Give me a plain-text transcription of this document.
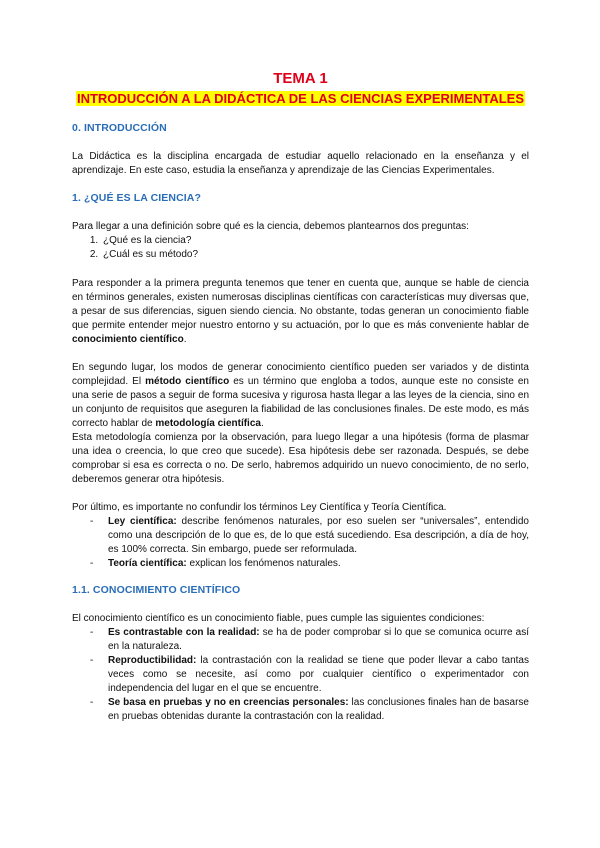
TEMA 1

INTRODUCCIÓN A LA DIDÁCTICA DE LAS CIENCIAS EXPERIMENTALES

0. INTRODUCCIÓN

La Didáctica es la disciplina encargada de estudiar aquello relacionado en la enseñanza y el aprendizaje. En este caso, estudia la enseñanza y aprendizaje de las Ciencias Experimentales.

1. ¿QUÉ ES LA CIENCIA?

Para llegar a una definición sobre qué es la ciencia, debemos plantearnos dos preguntas:

1. ¿Qué es la ciencia?
2. ¿Cuál es su método?

Para responder a la primera pregunta tenemos que tener en cuenta que, aunque se hable de ciencia en términos generales, existen numerosas disciplinas científicas con características muy diversas que, a pesar de sus diferencias, siguen siendo ciencia. No obstante, todas generan un conocimiento fiable que permite entender mejor nuestro entorno y su actuación, por lo que es más conveniente hablar de conocimiento científico.

En segundo lugar, los modos de generar conocimiento científico pueden ser variados y de distinta complejidad. El método científico es un término que engloba a todos, aunque este no consiste en una serie de pasos a seguir de forma sucesiva y rigurosa hasta llegar a las leyes de la ciencia, sino en un conjunto de requisitos que aseguren la fiabilidad de las conclusiones finales. De este modo, es más correcto hablar de metodología científica.

Esta metodología comienza por la observación, para luego llegar a una hipótesis (forma de plasmar una idea o creencia, lo que creo que sucede). Esa hipótesis debe ser razonada. Después, se debe comprobar si esa es correcta o no. De serlo, habremos adquirido un nuevo conocimiento, de no serlo, deberemos generar otra hipótesis.

Por último, es importante no confundir los términos Ley Científica y Teoría Científica.

- Ley científica: describe fenómenos naturales, por eso suelen ser “universales”, entendido como una descripción de lo que es, de lo que está sucediendo. Esa descripción, a día de hoy, es 100% correcta. Sin embargo, puede ser reformulada.
- Teoría científica: explican los fenómenos naturales.
1.1. CONOCIMIENTO CIENTÍFICO

El conocimiento científico es un conocimiento fiable, pues cumple las siguientes condiciones:

- Es contrastable con la realidad: se ha de poder comprobar si lo que se comunica ocurre así en la naturaleza.
- Reproductibilidad: la contrastación con la realidad se tiene que poder llevar a cabo tantas veces como se necesite, así como por cualquier científico o experimentador con independencia del lugar en el que se encuentre.
- Se basa en pruebas y no en creencias personales: las conclusiones finales han de basarse en pruebas obtenidas durante la contrastación con la realidad.
